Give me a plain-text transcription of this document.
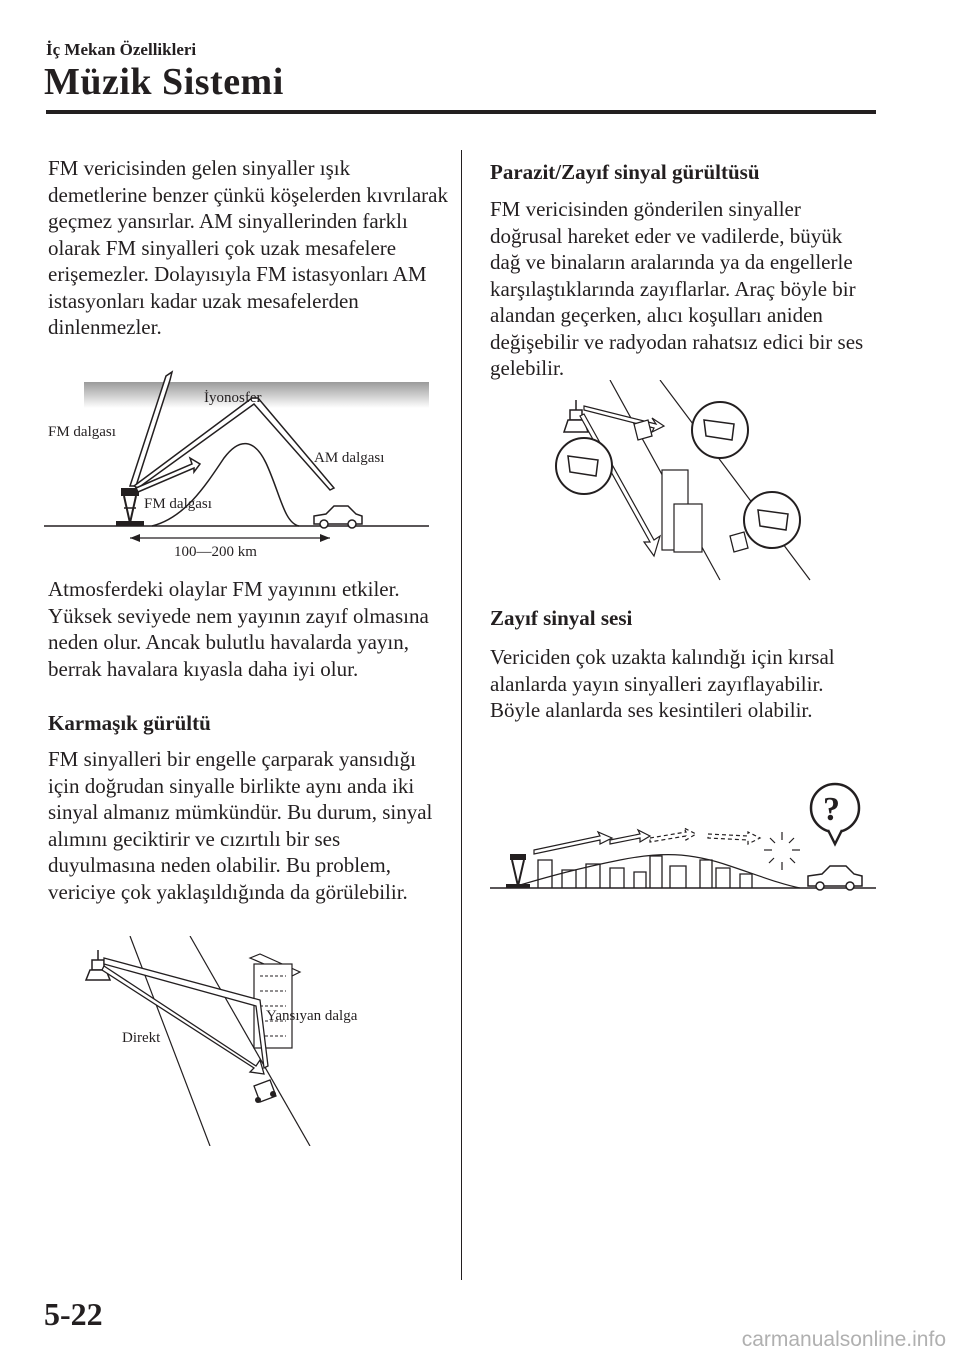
İç Mekan Özellikleri
Müzik Sistemi

FM vericisinden gelen sinyaller ışık demetlerine benzer çünkü köşelerden kıvrılarak geçmez yansırlar. AM sinyallerinden farklı olarak FM sinyalleri çok uzak mesafelere erişemezler. Dolayısıyla FM istasyonları AM istasyonları kadar uzak mesafelerden dinlenmezler.

İyonosfer
FM dalgası
AM dalgası
FM dalgası
100—200 km

Atmosferdeki olaylar FM yayınını etkiler. Yüksek seviyede nem yayının zayıf olmasına neden olur. Ancak bulutlu havalarda yayın, berrak havalara kıyasla daha iyi olur.

Karmaşık gürültü

FM sinyalleri bir engelle çarparak yansıdığı için doğrudan sinyalle birlikte aynı anda iki sinyal almanız mümkündür. Bu durum, sinyal alımını geciktirir ve cızırtılı bir ses duyulmasına neden olabilir. Bu problem, vericiye çok yaklaşıldığında da görülebilir.

Yansıyan dalga
Direkt

Parazit/Zayıf sinyal gürültüsü

FM vericisinden gönderilen sinyaller doğrusal hareket eder ve vadilerde, büyük dağ ve binaların aralarında ya da engellerle karşılaştıklarında zayıflarlar. Araç böyle bir alandan geçerken, alıcı koşulları aniden değişebilir ve radyodan rahatsız edici bir ses gelebilir.

Zayıf sinyal sesi

Vericiden çok uzakta kalındığı için kırsal alanlarda yayın sinyalleri zayıflayabilir. Böyle alanlarda ses kesintileri olabilir.

?
5-22
carmanualsonline.info
